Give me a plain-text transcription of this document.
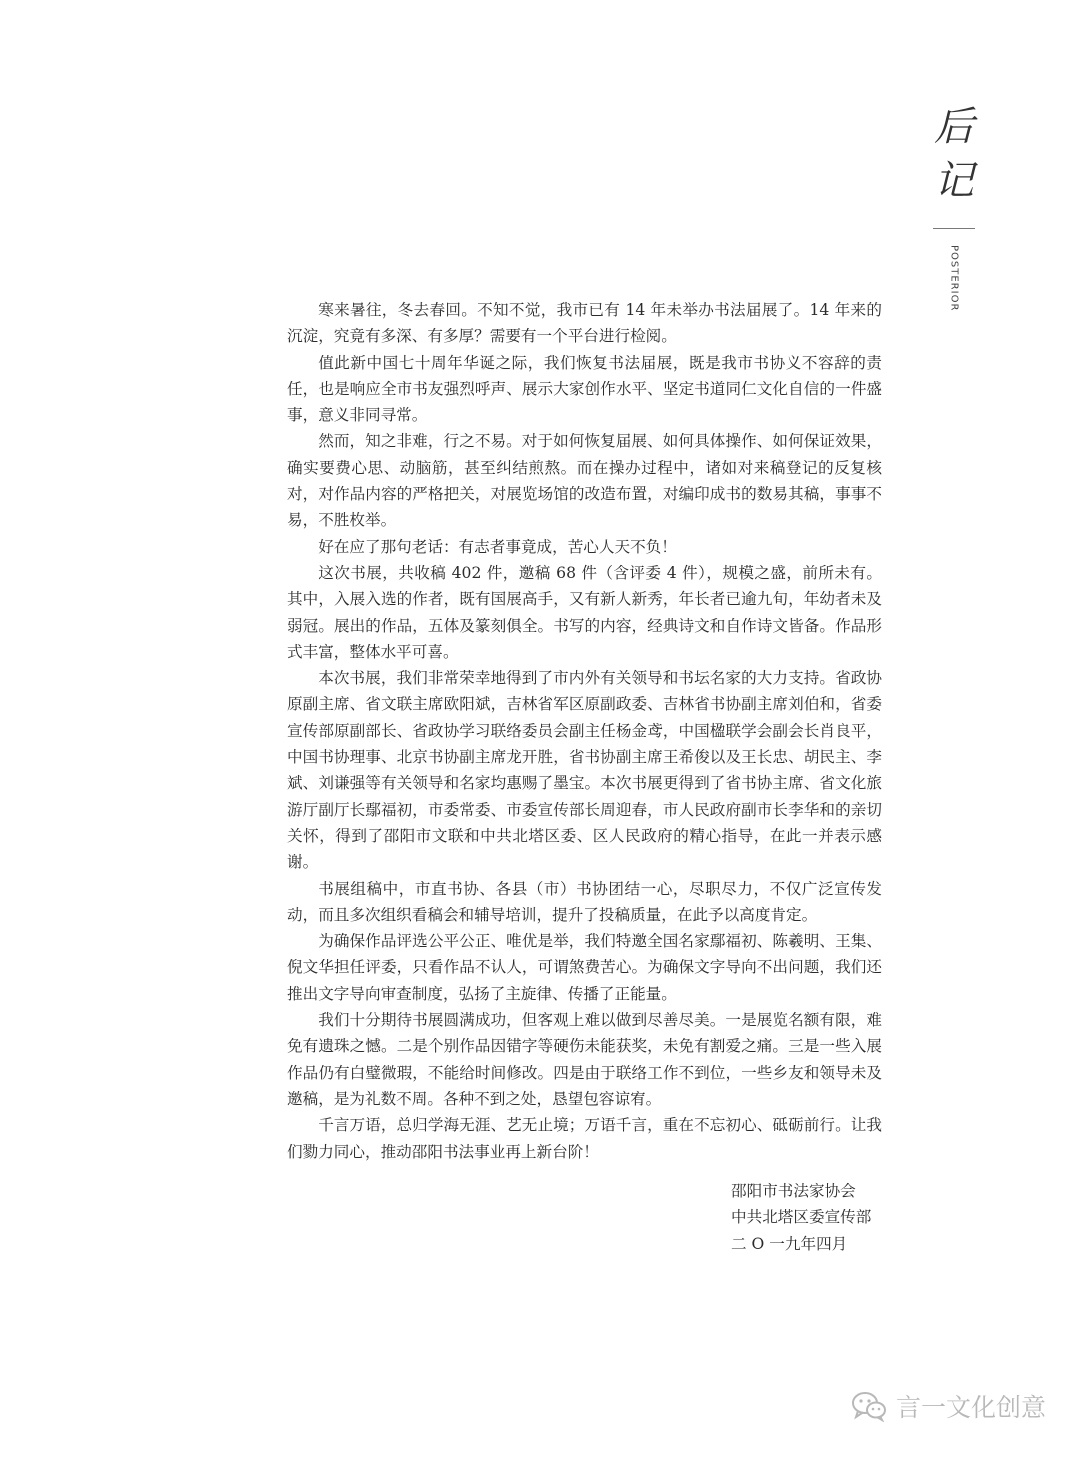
后
记
POSTERIOR

寒来暑往，冬去春回。不知不觉，我市已有 14 年未举办书法届展了。14 年来的沉淀，究竟有多深、有多厚？需要有一个平台进行检阅。

值此新中国七十周年华诞之际，我们恢复书法届展，既是我市书协义不容辞的责任，也是响应全市书友强烈呼声、展示大家创作水平、坚定书道同仁文化自信的一件盛事，意义非同寻常。

然而，知之非难，行之不易。对于如何恢复届展、如何具体操作、如何保证效果，确实要费心思、动脑筋，甚至纠结煎熬。而在操办过程中，诸如对来稿登记的反复核对，对作品内容的严格把关，对展览场馆的改造布置，对编印成书的数易其稿，事事不易，不胜枚举。

好在应了那句老话：有志者事竟成，苦心人天不负！

这次书展，共收稿 402 件，邀稿 68 件（含评委 4 件），规模之盛，前所未有。其中，入展入选的作者，既有国展高手，又有新人新秀，年长者已逾九旬，年幼者未及弱冠。展出的作品，五体及篆刻俱全。书写的内容，经典诗文和自作诗文皆备。作品形式丰富，整体水平可喜。

本次书展，我们非常荣幸地得到了市内外有关领导和书坛名家的大力支持。省政协原副主席、省文联主席欧阳斌，吉林省军区原副政委、吉林省书协副主席刘伯和，省委宣传部原副部长、省政协学习联络委员会副主任杨金鸢，中国楹联学会副会长肖良平，中国书协理事、北京书协副主席龙开胜，省书协副主席王希俊以及王长忠、胡民主、李斌、刘谦强等有关领导和名家均惠赐了墨宝。本次书展更得到了省书协主席、省文化旅游厅副厅长鄢福初，市委常委、市委宣传部长周迎春，市人民政府副市长李华和的亲切关怀，得到了邵阳市文联和中共北塔区委、区人民政府的精心指导，在此一并表示感谢。

书展组稿中，市直书协、各县（市）书协团结一心，尽职尽力，不仅广泛宣传发动，而且多次组织看稿会和辅导培训，提升了投稿质量，在此予以高度肯定。

为确保作品评选公平公正、唯优是举，我们特邀全国名家鄢福初、陈羲明、王集、倪文华担任评委，只看作品不认人，可谓煞费苦心。为确保文字导向不出问题，我们还推出文字导向审查制度，弘扬了主旋律、传播了正能量。

我们十分期待书展圆满成功，但客观上难以做到尽善尽美。一是展览名额有限，难免有遗珠之憾。二是个别作品因错字等硬伤未能获奖，未免有割爱之痛。三是一些入展作品仍有白璧微瑕，不能给时间修改。四是由于联络工作不到位，一些乡友和领导未及邀稿，是为礼数不周。各种不到之处，恳望包容谅宥。

千言万语，总归学海无涯、艺无止境；万语千言，重在不忘初心、砥砺前行。让我们勠力同心，推动邵阳书法事业再上新台阶！

邵阳市书法家协会
中共北塔区委宣传部
二 O 一九年四月
言一文化创意
